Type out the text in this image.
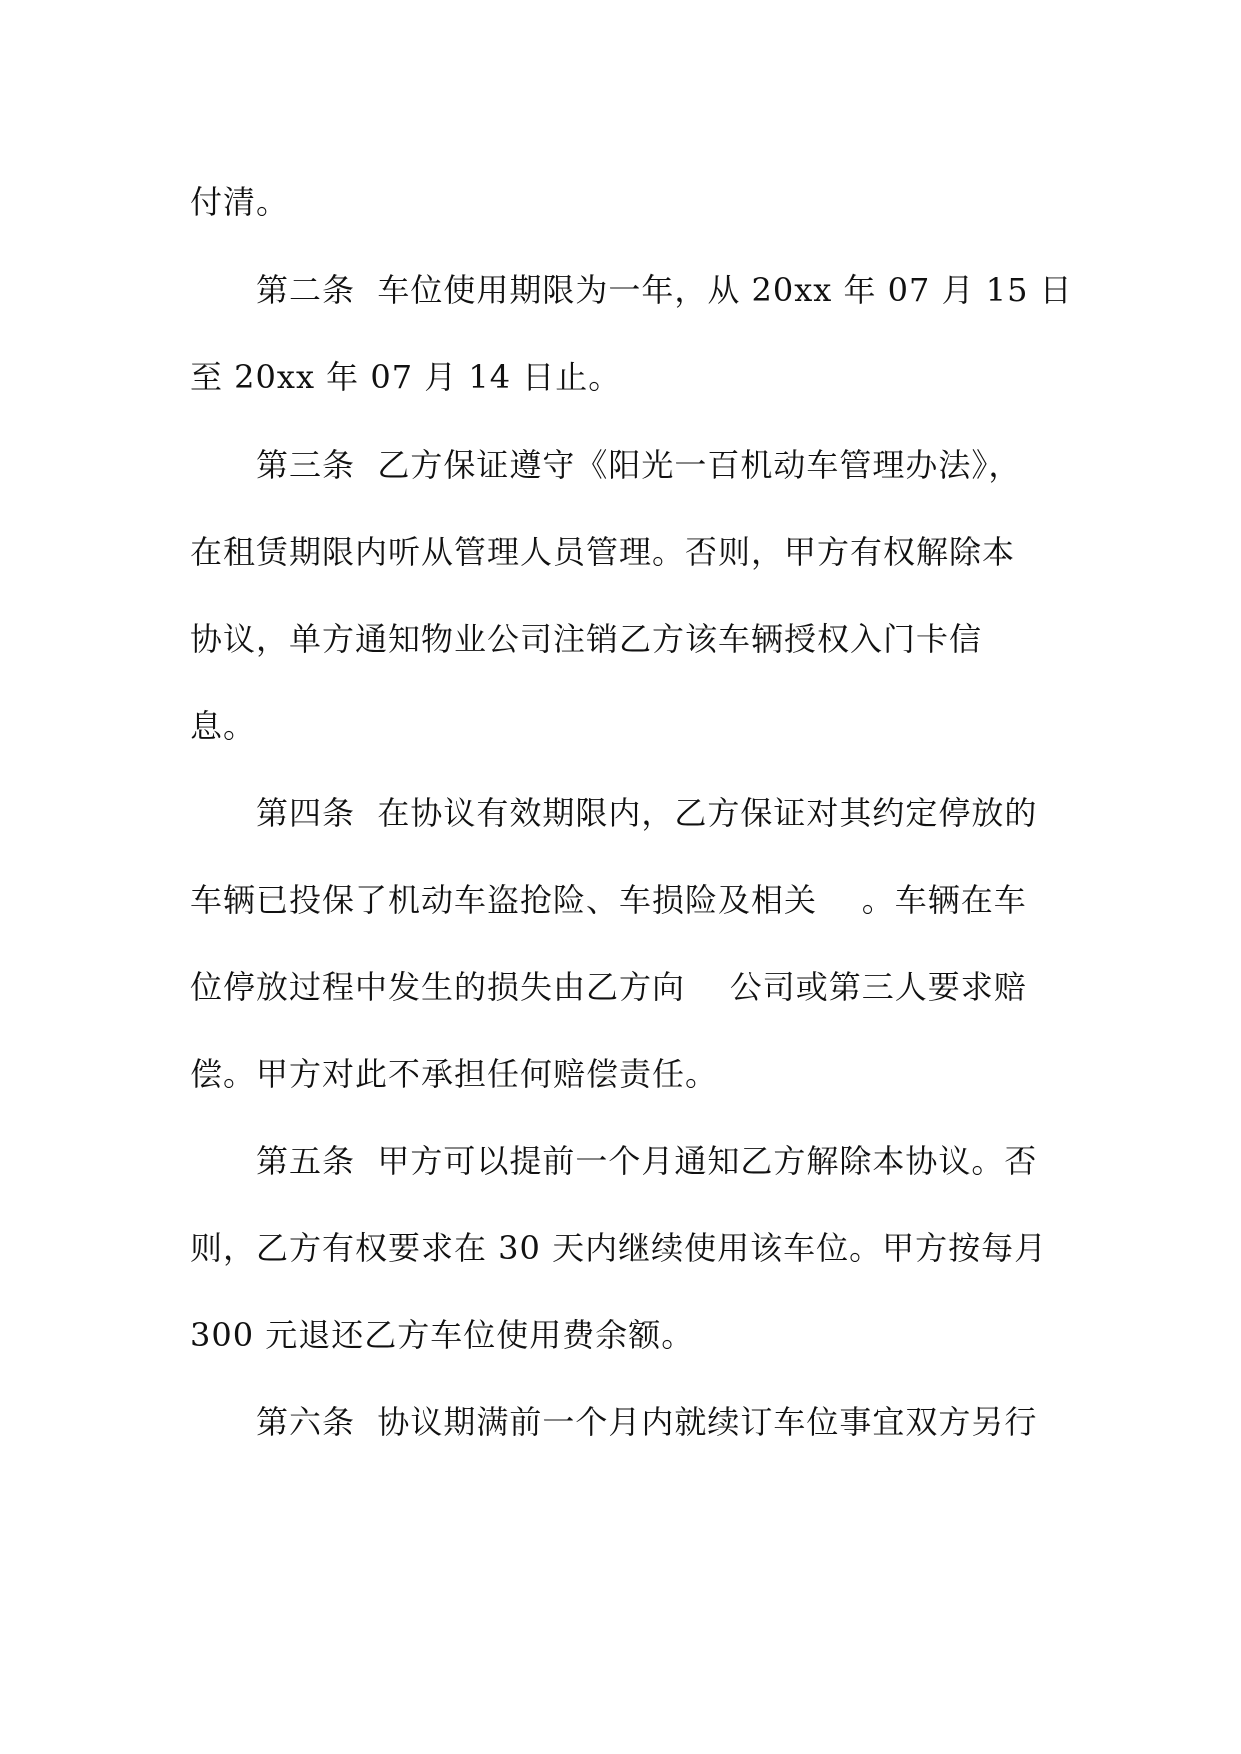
付清。
第二条  车位使用期限为一年，从 20xx 年 07 月 15 日
至 20xx 年 07 月 14 日止。
第三条  乙方保证遵守《阳光一百机动车管理办法》，
在租赁期限内听从管理人员管理。否则，甲方有权解除本
协议，单方通知物业公司注销乙方该车辆授权入门卡信
息。
第四条  在协议有效期限内，乙方保证对其约定停放的
车辆已投保了机动车盗抢险、车损险及相关    。车辆在车
位停放过程中发生的损失由乙方向    公司或第三人要求赔
偿。甲方对此不承担任何赔偿责任。
第五条  甲方可以提前一个月通知乙方解除本协议。否
则，乙方有权要求在 30 天内继续使用该车位。甲方按每月
300 元退还乙方车位使用费余额。
第六条  协议期满前一个月内就续订车位事宜双方另行
